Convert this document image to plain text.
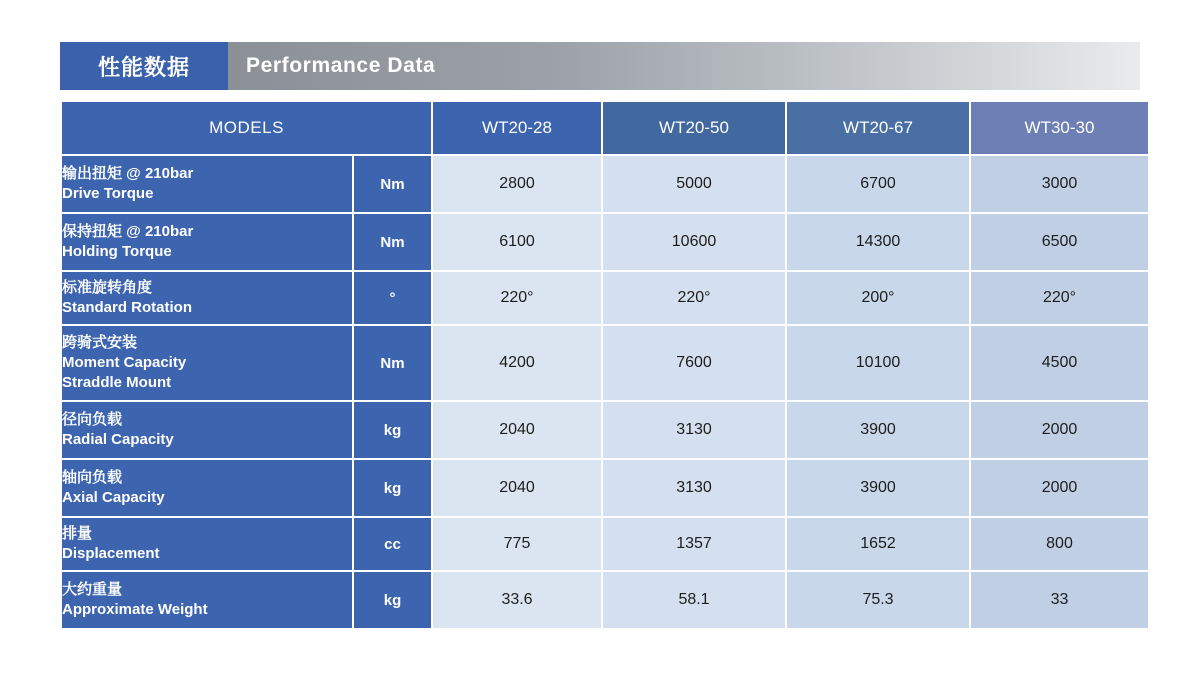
性能数据	Performance Data
MODELS		WT20-28	WT20-50	WT20-67	WT30-30

输出扭矩 @ 210bar
Drive Torque	Nm	2800	5000	6700	3000

保持扭矩 @ 210bar
Holding Torque	Nm	6100	10600	14300	6500

标准旋转角度
Standard Rotation	°	220°	220°	200°	220°

跨骑式安装
Moment Capacity
Straddle Mount	Nm	4200	7600	10100	4500

径向负载
Radial Capacity	kg	2040	3130	3900	2000

轴向负载
Axial Capacity	kg	2040	3130	3900	2000

排量
Displacement	cc	775	1357	1652	800

大约重量
Approximate Weight	kg	33.6	58.1	75.3	33
